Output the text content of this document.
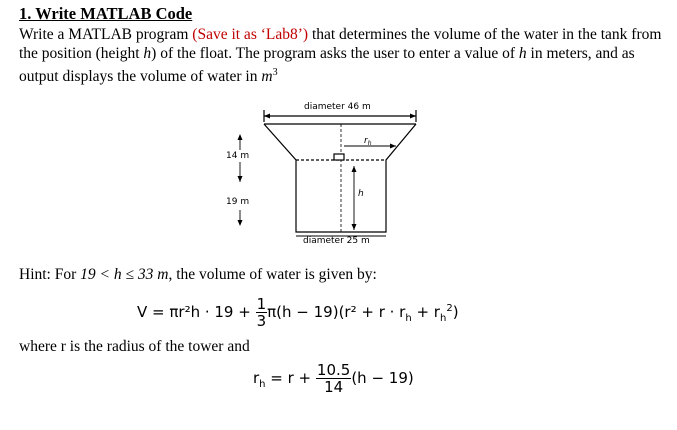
1. Write MATLAB Code
Write a MATLAB program (Save it as ‘Lab8’) that determines the volume of the water in the tank from the position (height h) of the float. The program asks the user to enter a value of h in meters, and as output displays the volume of water in $m^3$
diameter 46 m
diameter 25 m
14 m
19 m
$r_h$
h
Hint: For 19 < h ≤ 33 m, the volume of water is given by:
$V = \pi r^2h \cdot 19 + \frac{1}{3} \pi(h - 19)(r^2 + r \cdot r_h + r_h^2)$
where r is the radius of the tower and
$r_h = r + \frac{10.5}{14} (h - 19)$
